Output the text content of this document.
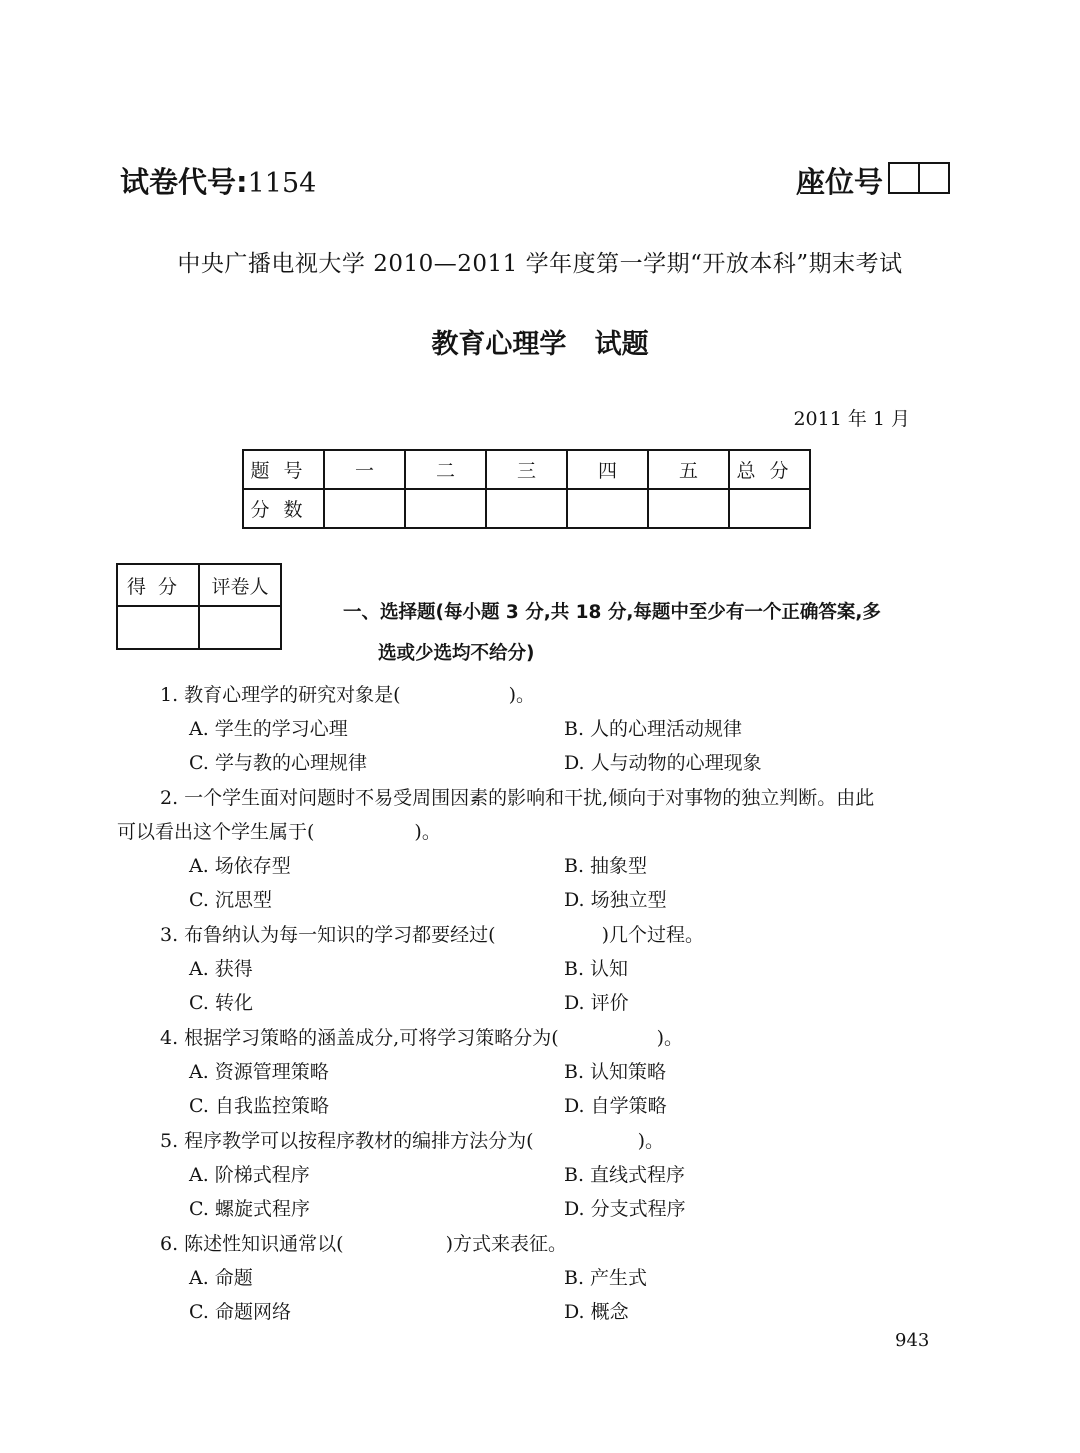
试卷代号:1154	座位号
中央广播电视大学 2010—2011 学年度第一学期“开放本科”期末考试
教育心理学   试题
2011 年 1 月
题号	一	二	三	四	五	总分
分数						
得分	评卷人

一、选择题(每小题 3 分,共 18 分,每题中至少有一个正确答案,多
选或少选均不给分)
1. 教育心理学的研究对象是(	)。
A. 学生的学习心理	B. 人的心理活动规律
C. 学与教的心理规律	D. 人与动物的心理现象
2. 一个学生面对问题时不易受周围因素的影响和干扰,倾向于对事物的独立判断。由此
可以看出这个学生属于(	)。
A. 场依存型	B. 抽象型
C. 沉思型	D. 场独立型
3. 布鲁纳认为每一知识的学习都要经过(	)几个过程。
A. 获得	B. 认知
C. 转化	D. 评价
4. 根据学习策略的涵盖成分,可将学习策略分为(	)。
A. 资源管理策略	B. 认知策略
C. 自我监控策略	D. 自学策略
5. 程序教学可以按程序教材的编排方法分为(	)。
A. 阶梯式程序	B. 直线式程序
C. 螺旋式程序	D. 分支式程序
6. 陈述性知识通常以(	)方式来表征。
A. 命题	B. 产生式
C. 命题网络	D. 概念
943
